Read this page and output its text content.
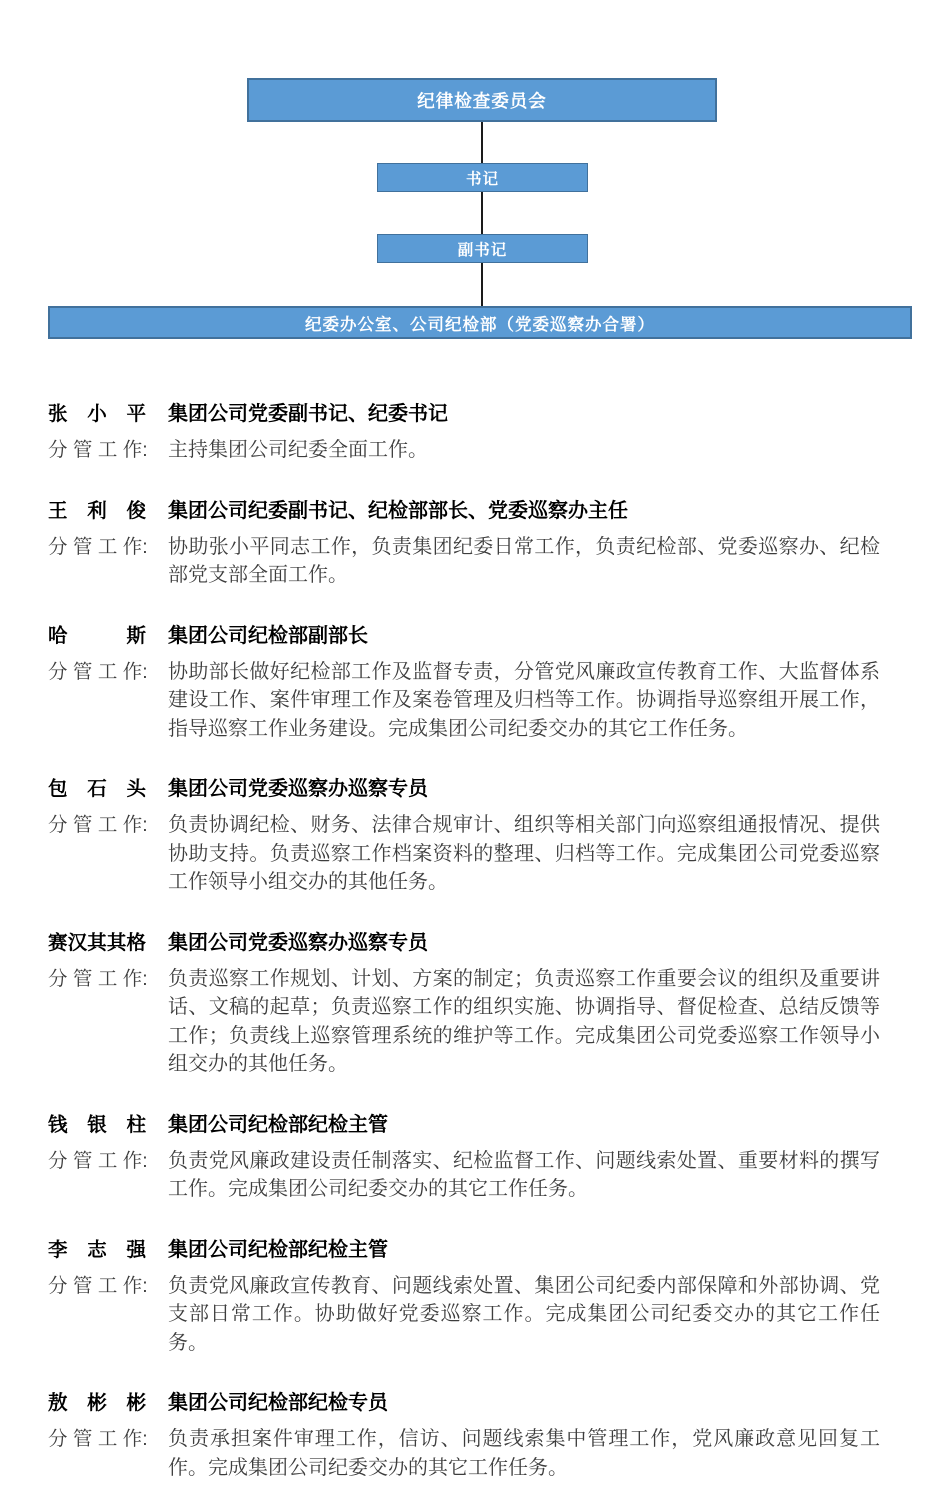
纪律检查委员会
书记
副书记
纪委办公室、公司纪检部（党委巡察办合署）
张小平 集团公司党委副书记、纪委书记
分 管 工 作:	主持集团公司纪委全面工作。
王利俊 集团公司纪委副书记、纪检部部长、党委巡察办主任
分 管 工 作:	协助张小平同志工作，负责集团纪委日常工作，负责纪检部、党委巡察办、纪检部党支部全面工作。
哈斯 集团公司纪检部副部长
分 管 工 作:	协助部长做好纪检部工作及监督专责，分管党风廉政宣传教育工作、大监督体系建设工作、案件审理工作及案卷管理及归档等工作。协调指导巡察组开展工作，指导巡察工作业务建设。完成集团公司纪委交办的其它工作任务。
包石头 集团公司党委巡察办巡察专员
分 管 工 作:	负责协调纪检、财务、法律合规审计、组织等相关部门向巡察组通报情况、提供协助支持。负责巡察工作档案资料的整理、归档等工作。完成集团公司党委巡察工作领导小组交办的其他任务。
赛汉其其格 集团公司党委巡察办巡察专员
分 管 工 作:	负责巡察工作规划、计划、方案的制定；负责巡察工作重要会议的组织及重要讲话、文稿的起草；负责巡察工作的组织实施、协调指导、督促检查、总结反馈等工作；负责线上巡察管理系统的维护等工作。完成集团公司党委巡察工作领导小组交办的其他任务。
钱银柱 集团公司纪检部纪检主管
分 管 工 作:	负责党风廉政建设责任制落实、纪检监督工作、问题线索处置、重要材料的撰写工作。完成集团公司纪委交办的其它工作任务。
李志强 集团公司纪检部纪检主管
分 管 工 作:	负责党风廉政宣传教育、问题线索处置、集团公司纪委内部保障和外部协调、党支部日常工作。协助做好党委巡察工作。完成集团公司纪委交办的其它工作任务。
敖彬彬 集团公司纪检部纪检专员
分 管 工 作:	负责承担案件审理工作，信访、问题线索集中管理工作，党风廉政意见回复工作。完成集团公司纪委交办的其它工作任务。
